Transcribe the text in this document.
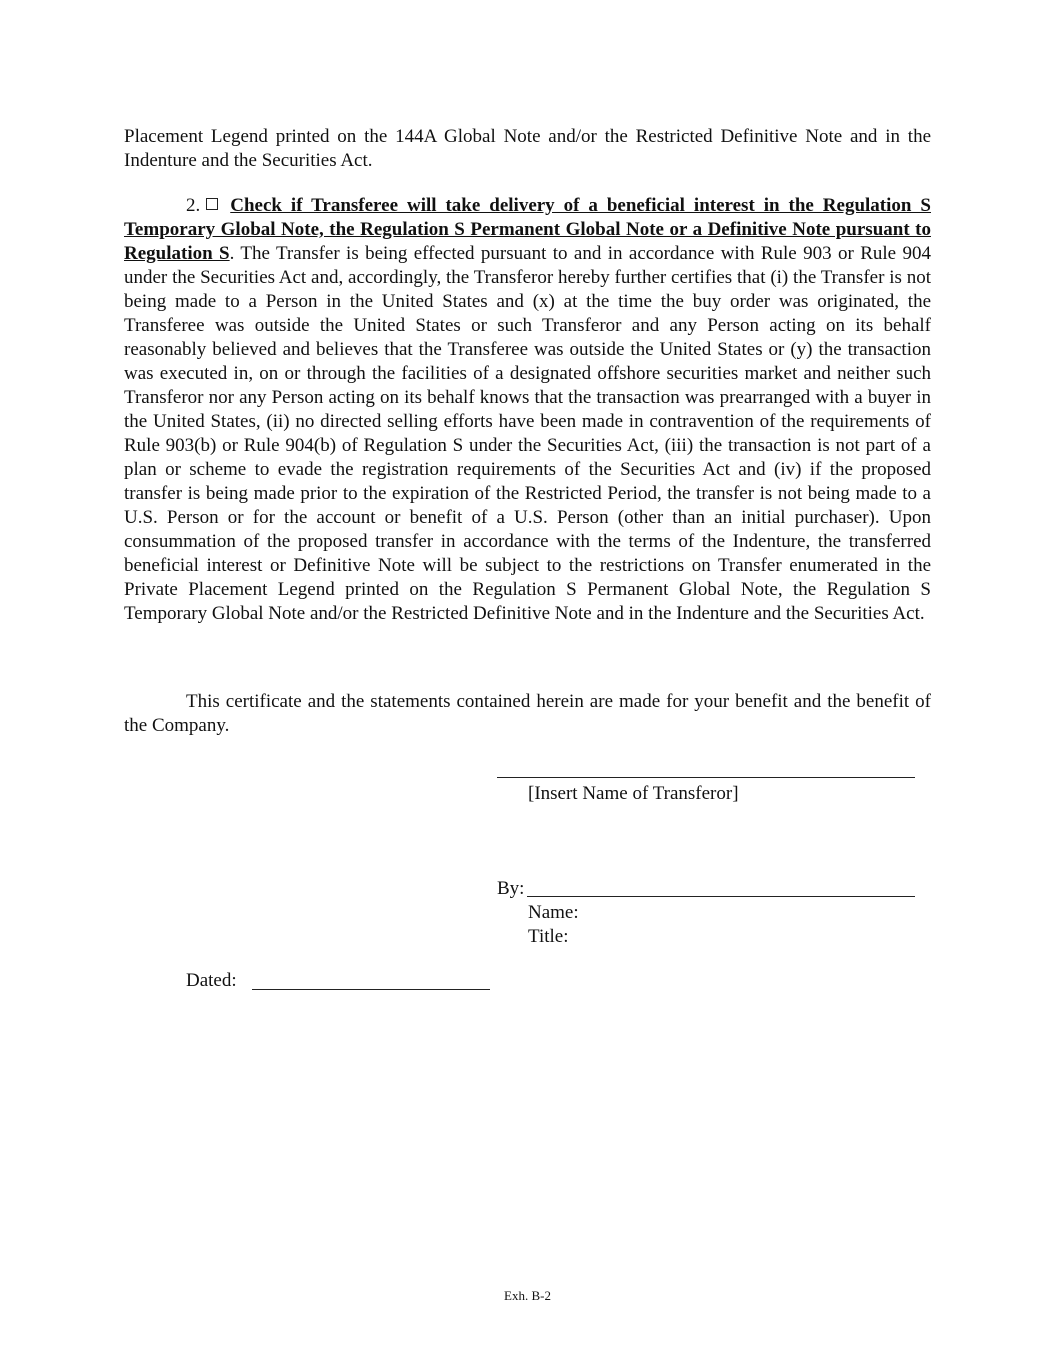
Placement Legend printed on the 144A Global Note and/or the Restricted Definitive Note and in the Indenture and the Securities Act.

2. Check if Transferee will take delivery of a beneficial interest in the Regulation S Temporary Global Note, the Regulation S Permanent Global Note or a Definitive Note pursuant to Regulation S. The Transfer is being effected pursuant to and in accordance with Rule 903 or Rule 904 under the Securities Act and, accordingly, the Transferor hereby further certifies that (i) the Transfer is not being made to a Person in the United States and (x) at the time the buy order was originated, the Transferee was outside the United States or such Transferor and any Person acting on its behalf reasonably believed and believes that the Transferee was outside the United States or (y) the transaction was executed in, on or through the facilities of a designated offshore securities market and neither such Transferor nor any Person acting on its behalf knows that the transaction was prearranged with a buyer in the United States, (ii) no directed selling efforts have been made in contravention of the requirements of Rule 903(b) or Rule 904(b) of Regulation S under the Securities Act, (iii) the transaction is not part of a plan or scheme to evade the registration requirements of the Securities Act and (iv) if the proposed transfer is being made prior to the expiration of the Restricted Period, the transfer is not being made to a U.S. Person or for the account or benefit of a U.S. Person (other than an initial purchaser). Upon consummation of the proposed transfer in accordance with the terms of the Indenture, the transferred beneficial interest or Definitive Note will be subject to the restrictions on Transfer enumerated in the Private Placement Legend printed on the Regulation S Permanent Global Note, the Regulation S Temporary Global Note and/or the Restricted Definitive Note and in the Indenture and the Securities Act.

This certificate and the statements contained herein are made for your benefit and the benefit of the Company.

[Insert Name of Transferor]
By:
Name:
Title:
Dated:
Exh. B-2
